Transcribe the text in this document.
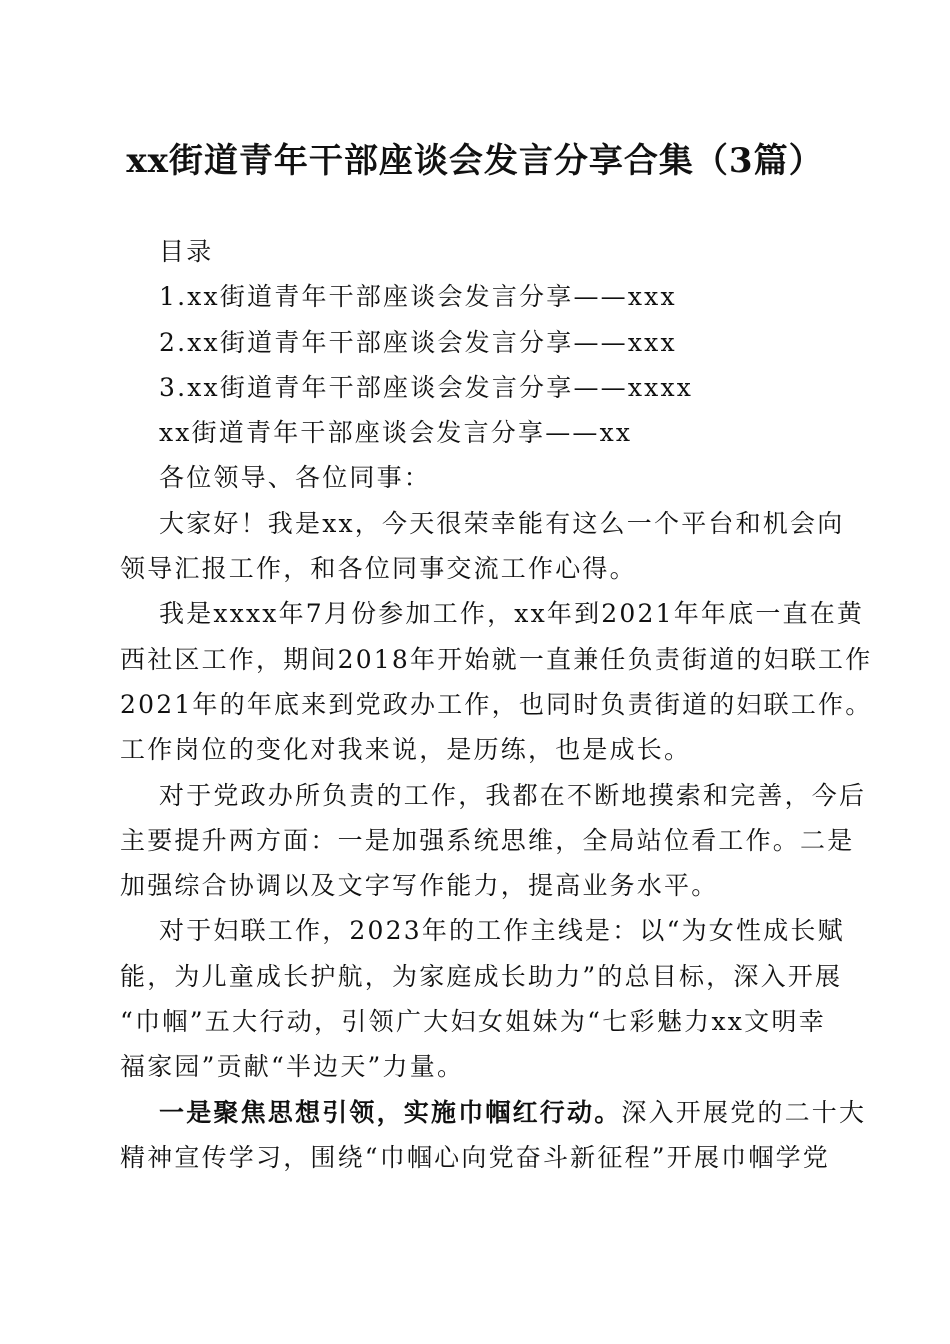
xx街道青年干部座谈会发言分享合集（3篇）
目录
1.xx街道青年干部座谈会发言分享——xxx
2.xx街道青年干部座谈会发言分享——xxx
3.xx街道青年干部座谈会发言分享——xxxx
xx街道青年干部座谈会发言分享——xx
各位领导、各位同事：
大家好！我是xx，今天很荣幸能有这么一个平台和机会向
领导汇报工作，和各位同事交流工作心得。
我是xxxx年7月份参加工作，xx年到2021年年底一直在黄
西社区工作，期间2018年开始就一直兼任负责街道的妇联工作
2021年的年底来到党政办工作，也同时负责街道的妇联工作。
工作岗位的变化对我来说，是历练，也是成长。
对于党政办所负责的工作，我都在不断地摸索和完善，今后
主要提升两方面：一是加强系统思维，全局站位看工作。二是
加强综合协调以及文字写作能力，提高业务水平。
对于妇联工作，2023年的工作主线是：以“为女性成长赋
能，为儿童成长护航，为家庭成长助力”的总目标，深入开展
“巾帼”五大行动，引领广大妇女姐妹为“七彩魅力xx文明幸
福家园”贡献“半边天”力量。
一是聚焦思想引领，实施巾帼红行动。深入开展党的二十大
精神宣传学习，围绕“巾帼心向党奋斗新征程”开展巾帼学党
